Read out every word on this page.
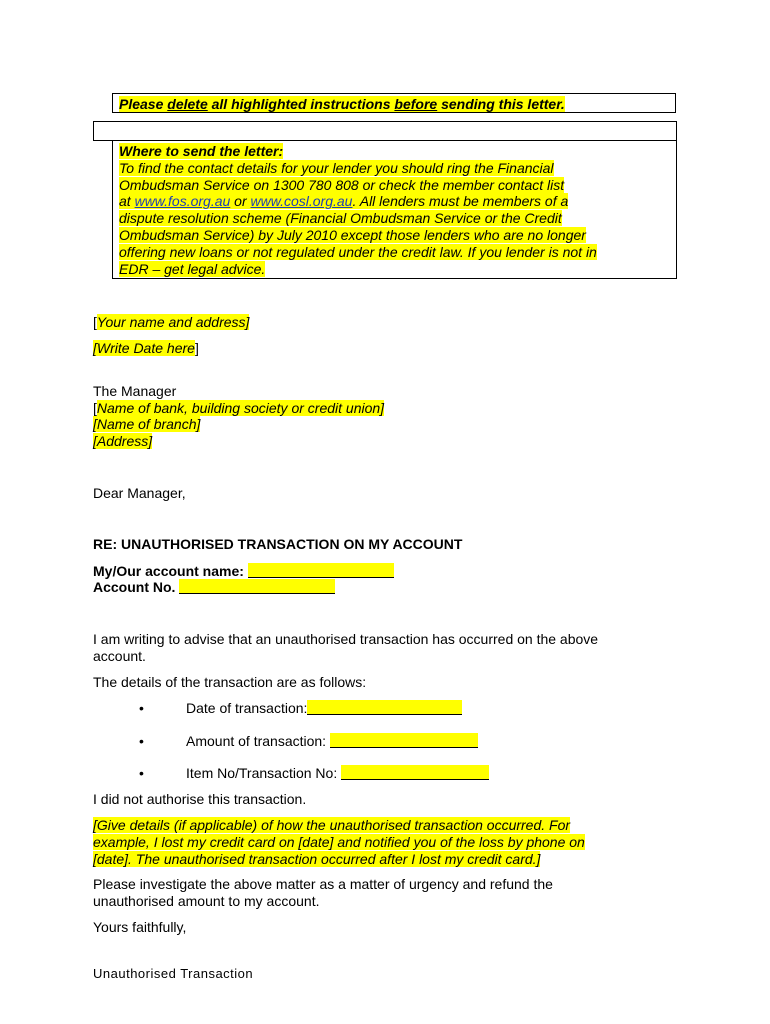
Please delete all highlighted instructions before sending this letter.
Where to send the letter:
To find the contact details for your lender you should ring the Financial
Ombudsman Service on 1300 780 808 or check the member contact list
at www.fos.org.au or www.cosl.org.au. All lenders must be members of a
dispute resolution scheme (Financial Ombudsman Service or the Credit
Ombudsman Service) by July 2010 except those lenders who are no longer
offering new loans or not regulated under the credit law. If you lender is not in
EDR – get legal advice.
[Your name and address]
[Write Date here]
The Manager
[Name of bank, building society or credit union]
[Name of branch]
[Address]
Dear Manager,
RE: UNAUTHORISED TRANSACTION ON MY ACCOUNT
My/Our account name:
Account No.
I am writing to advise that an unauthorised transaction has occurred on the above
account.
The details of the transaction are as follows:
•	Date of transaction:
•	Amount of transaction:
•	Item No/Transaction No:
I did not authorise this transaction.
[Give details (if applicable) of how the unauthorised transaction occurred. For
example, I lost my credit card on [date] and notified you of the loss by phone on
[date]. The unauthorised transaction occurred after I lost my credit card.]
Please investigate the above matter as a matter of urgency and refund the
unauthorised amount to my account.
Yours faithfully,
Unauthorised Transaction
